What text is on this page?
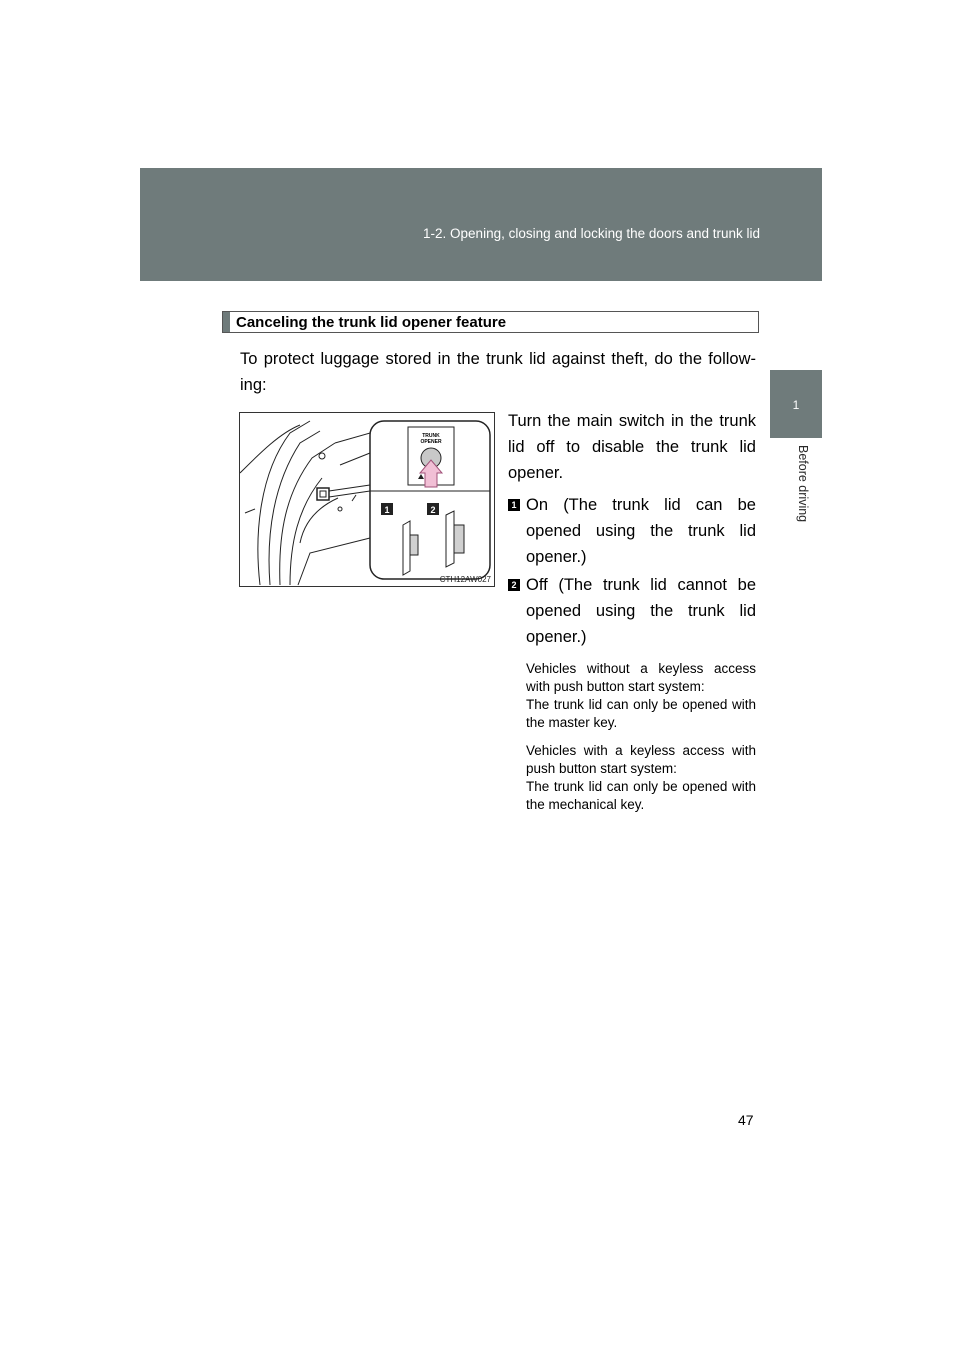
1-2. Opening, closing and locking the doors and trunk lid
1
Before driving
Canceling the trunk lid opener feature
To protect luggage stored in the trunk lid against theft, do the follow-ing:
TRUNK
OPENER
1	2
CTH12AW027

Turn the main switch in the trunk lid off to disable the trunk lid opener.

1 On (The trunk lid can be opened using the trunk lid opener.)
2 Off (The trunk lid cannot be opened using the trunk lid opener.)

Vehicles without a keyless access with push button start system:
The trunk lid can only be opened with the master key.

Vehicles with a keyless access with push button start system:
The trunk lid can only be opened with the mechanical key.

47
